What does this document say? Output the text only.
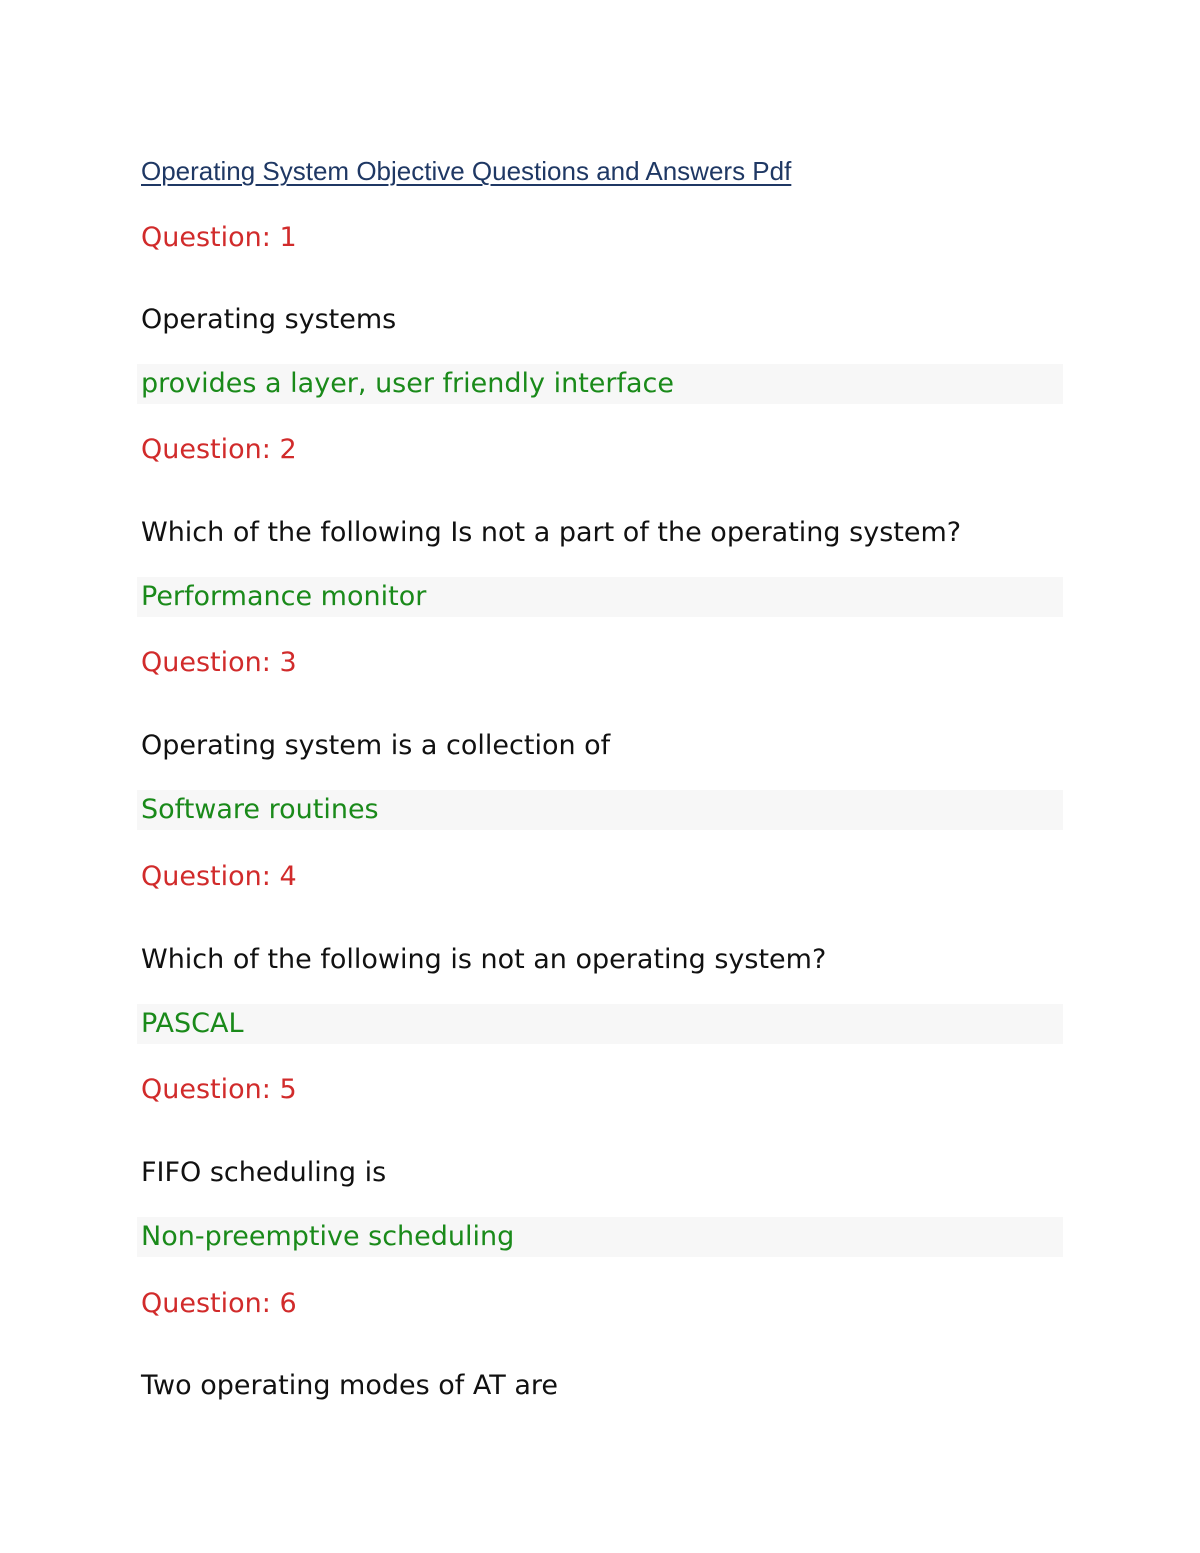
Operating System Objective Questions and Answers Pdf
Question: 1
Operating systems
provides a layer, user friendly interface
Question: 2
Which of the following Is not a part of the operating system?
Performance monitor
Question: 3
Operating system is a collection of
Software routines
Question: 4
Which of the following is not an operating system?
PASCAL
Question: 5
FIFO scheduling is
Non-preemptive scheduling
Question: 6
Two operating modes of AT are
